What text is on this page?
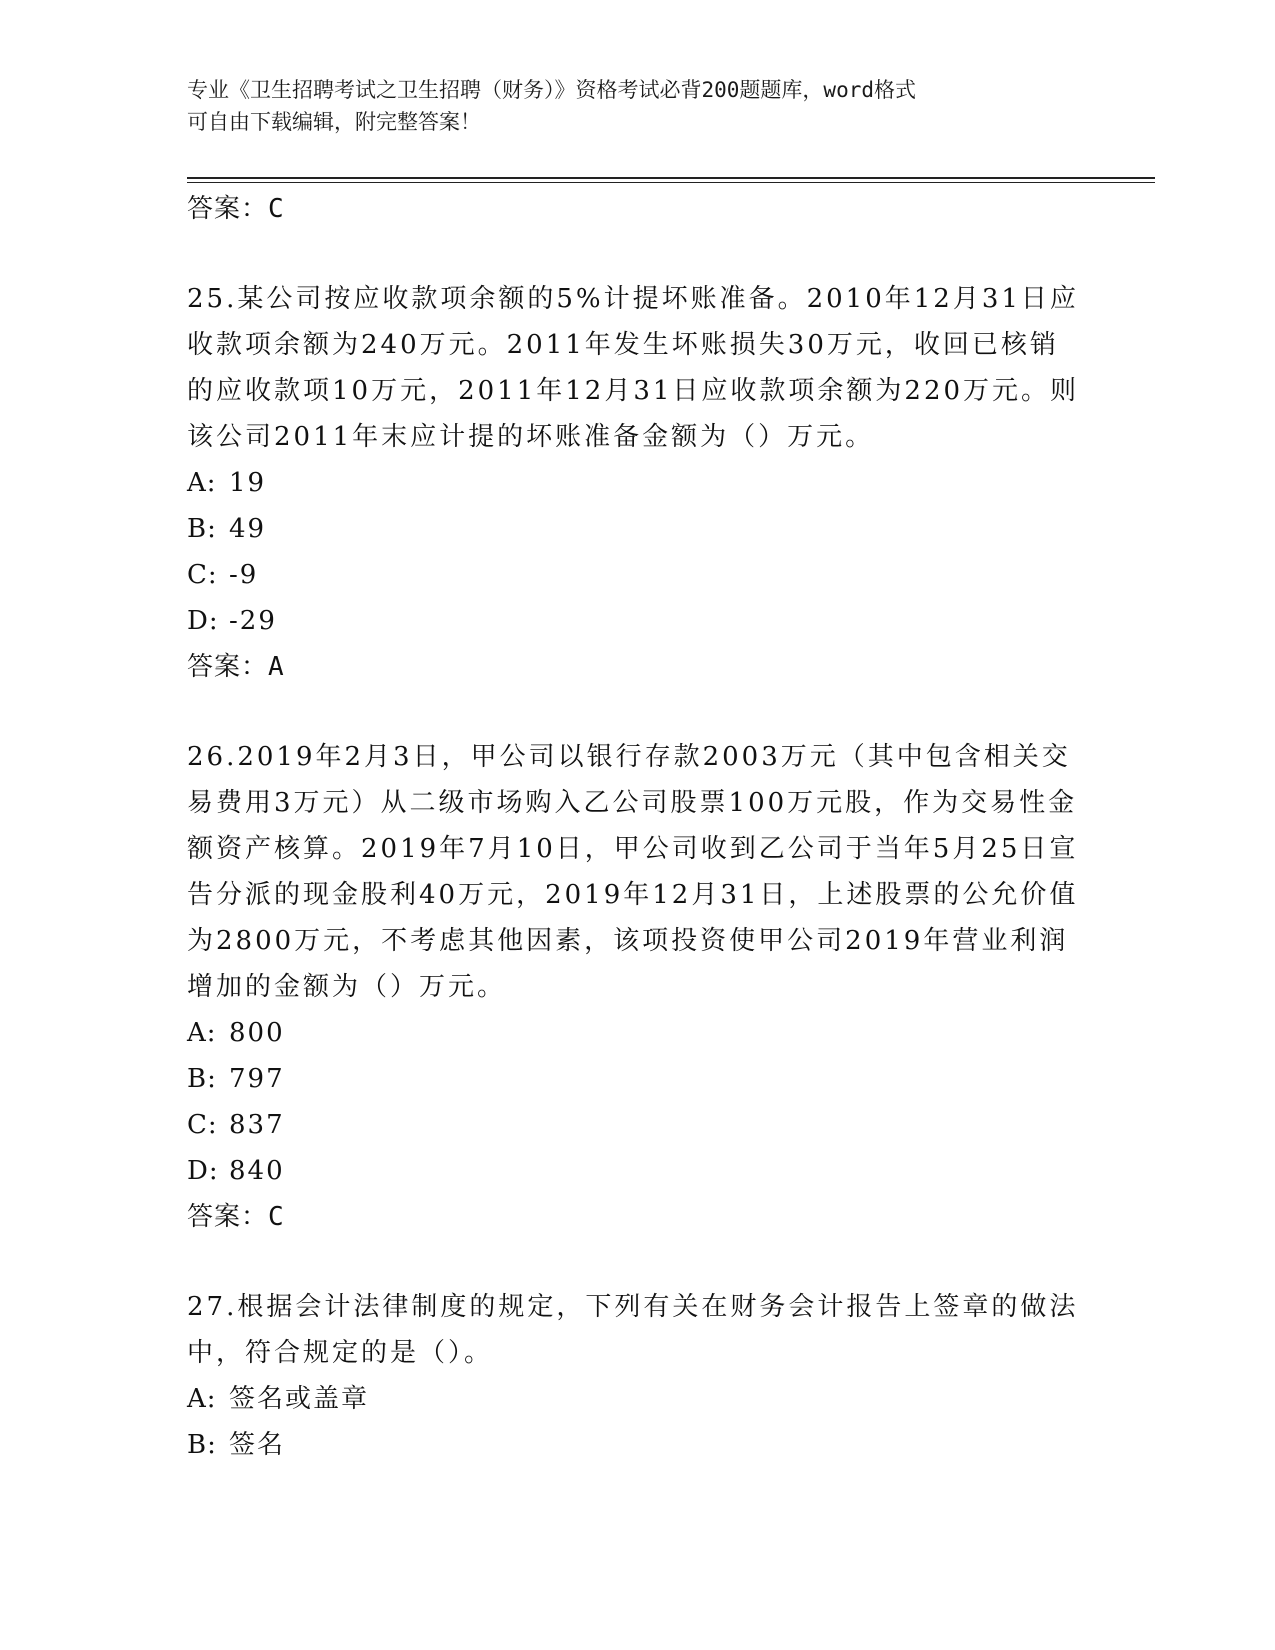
专业《卫生招聘考试之卫生招聘（财务）》资格考试必背200题题库，word格式
可自由下载编辑，附完整答案！
答案：C
25.某公司按应收款项余额的5%计提坏账准备。2010年12月31日应收款项余额为240万元。2011年发生坏账损失30万元，收回已核销的应收款项10万元，2011年12月31日应收款项余额为220万元。则该公司2011年末应计提的坏账准备金额为（）万元。
A: 19
B: 49
C: -9
D: -29
答案：A
26.2019年2月3日，甲公司以银行存款2003万元（其中包含相关交易费用3万元）从二级市场购入乙公司股票100万元股，作为交易性金额资产核算。2019年7月10日，甲公司收到乙公司于当年5月25日宣告分派的现金股利40万元，2019年12月31日，上述股票的公允价值为2800万元，不考虑其他因素，该项投资使甲公司2019年营业利润增加的金额为（）万元。
A: 800
B: 797
C: 837
D: 840
答案：C
27.根据会计法律制度的规定，下列有关在财务会计报告上签章的做法中，符合规定的是（）。
A: 签名或盖章
B: 签名
